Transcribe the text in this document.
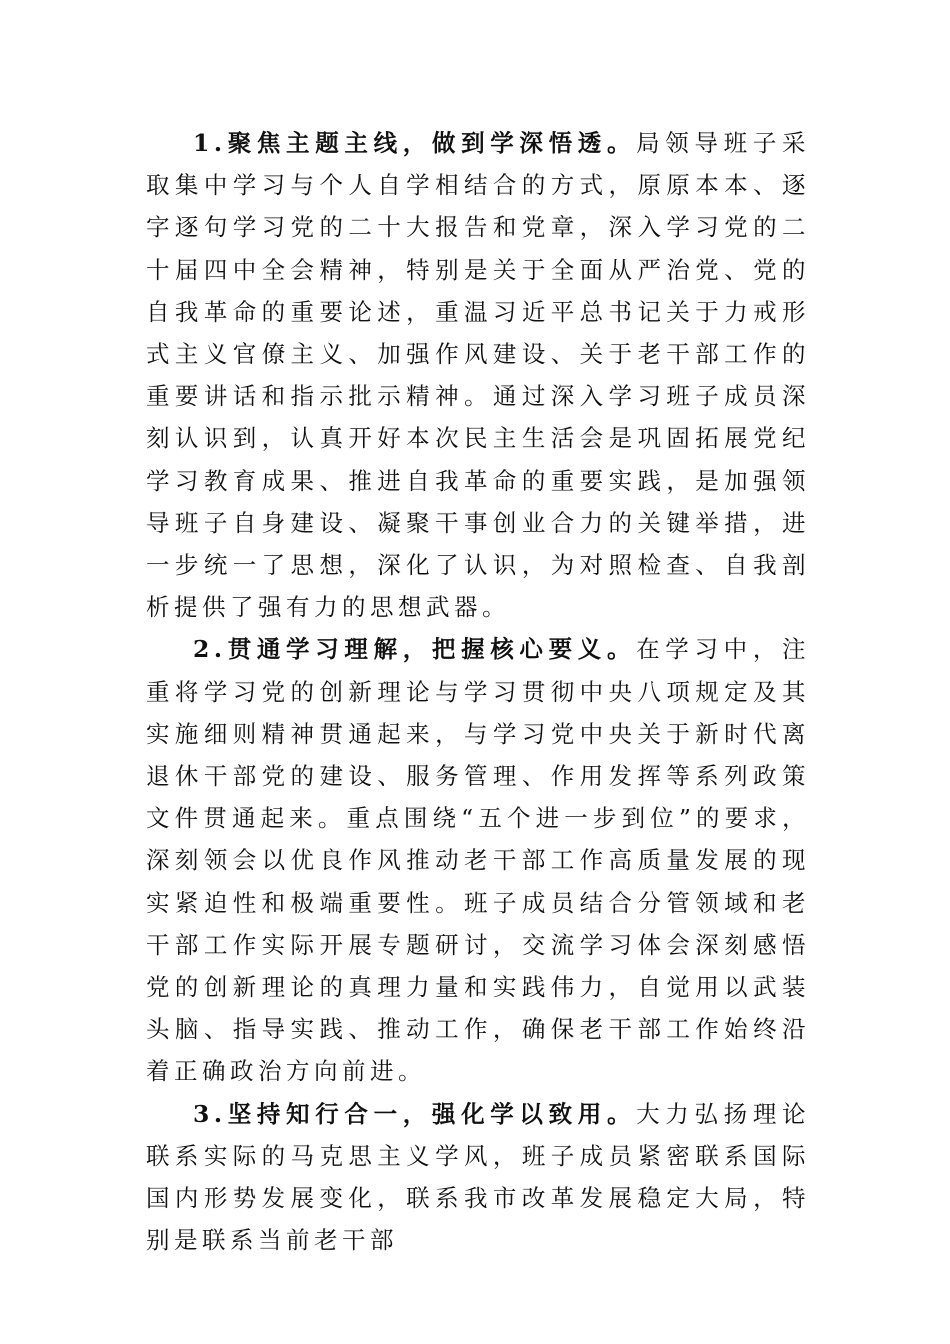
1.聚焦主题主线，做到学深悟透。局领导班子采取集中学习与个人自学相结合的方式，原原本本、逐字逐句学习党的二十大报告和党章，深入学习党的二十届四中全会精神，特别是关于全面从严治党、党的自我革命的重要论述，重温习近平总书记关于力戒形式主义官僚主义、加强作风建设、关于老干部工作的重要讲话和指示批示精神。通过深入学习班子成员深刻认识到，认真开好本次民主生活会是巩固拓展党纪学习教育成果、推进自我革命的重要实践，是加强领导班子自身建设、凝聚干事创业合力的关键举措，进一步统一了思想，深化了认识，为对照检查、自我剖析提供了强有力的思想武器。

2.贯通学习理解，把握核心要义。在学习中，注重将学习党的创新理论与学习贯彻中央八项规定及其实施细则精神贯通起来，与学习党中央关于新时代离退休干部党的建设、服务管理、作用发挥等系列政策文件贯通起来。重点围绕“五个进一步到位”的要求，深刻领会以优良作风推动老干部工作高质量发展的现实紧迫性和极端重要性。班子成员结合分管领域和老干部工作实际开展专题研讨，交流学习体会深刻感悟党的创新理论的真理力量和实践伟力，自觉用以武装头脑、指导实践、推动工作，确保老干部工作始终沿着正确政治方向前进。

3.坚持知行合一，强化学以致用。大力弘扬理论联系实际的马克思主义学风，班子成员紧密联系国际国内形势发展变化，联系我市改革发展稳定大局，特别是联系当前老干部
